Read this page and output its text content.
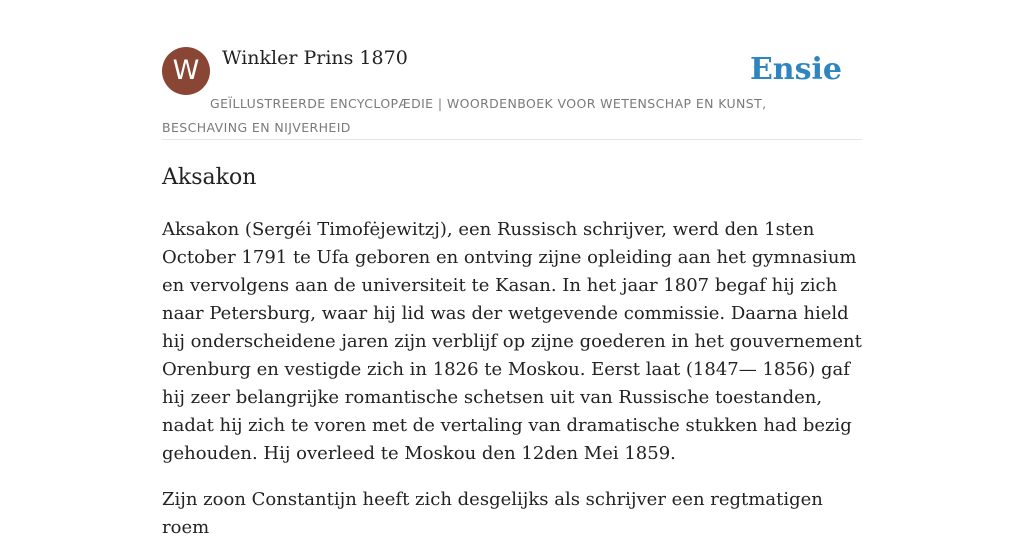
W	Winkler Prins 1870	Ensie
GEÏLLUSTREERDE ENCYCLOPÆDIE | WOORDENBOEK VOOR WETENSCHAP EN KUNST, BESCHAVING EN NIJVERHEID
Aksakon

Aksakon (Sergéi Timofėjewitzj), een Russisch schrijver, werd den 1sten October 1791 te Ufa geboren en ontving zijne opleiding aan het gymnasium en vervolgens aan de universiteit te Kasan. In het jaar 1807 begaf hij zich naar Petersburg, waar hij lid was der wetgevende commissie. Daarna hield hij onderscheidene jaren zijn verblijf op zijne goederen in het gouvernement Orenburg en vestigde zich in 1826 te Moskou. Eerst laat (1847— 1856) gaf hij zeer belangrijke romantische schetsen uit van Russische toestanden, nadat hij zich te voren met de vertaling van dramatische stukken had bezig gehouden. Hij overleed te Moskou den 12den Mei 1859.

Zijn zoon Constantijn heeft zich desgelijks als schrijver een regtmatigen roem
